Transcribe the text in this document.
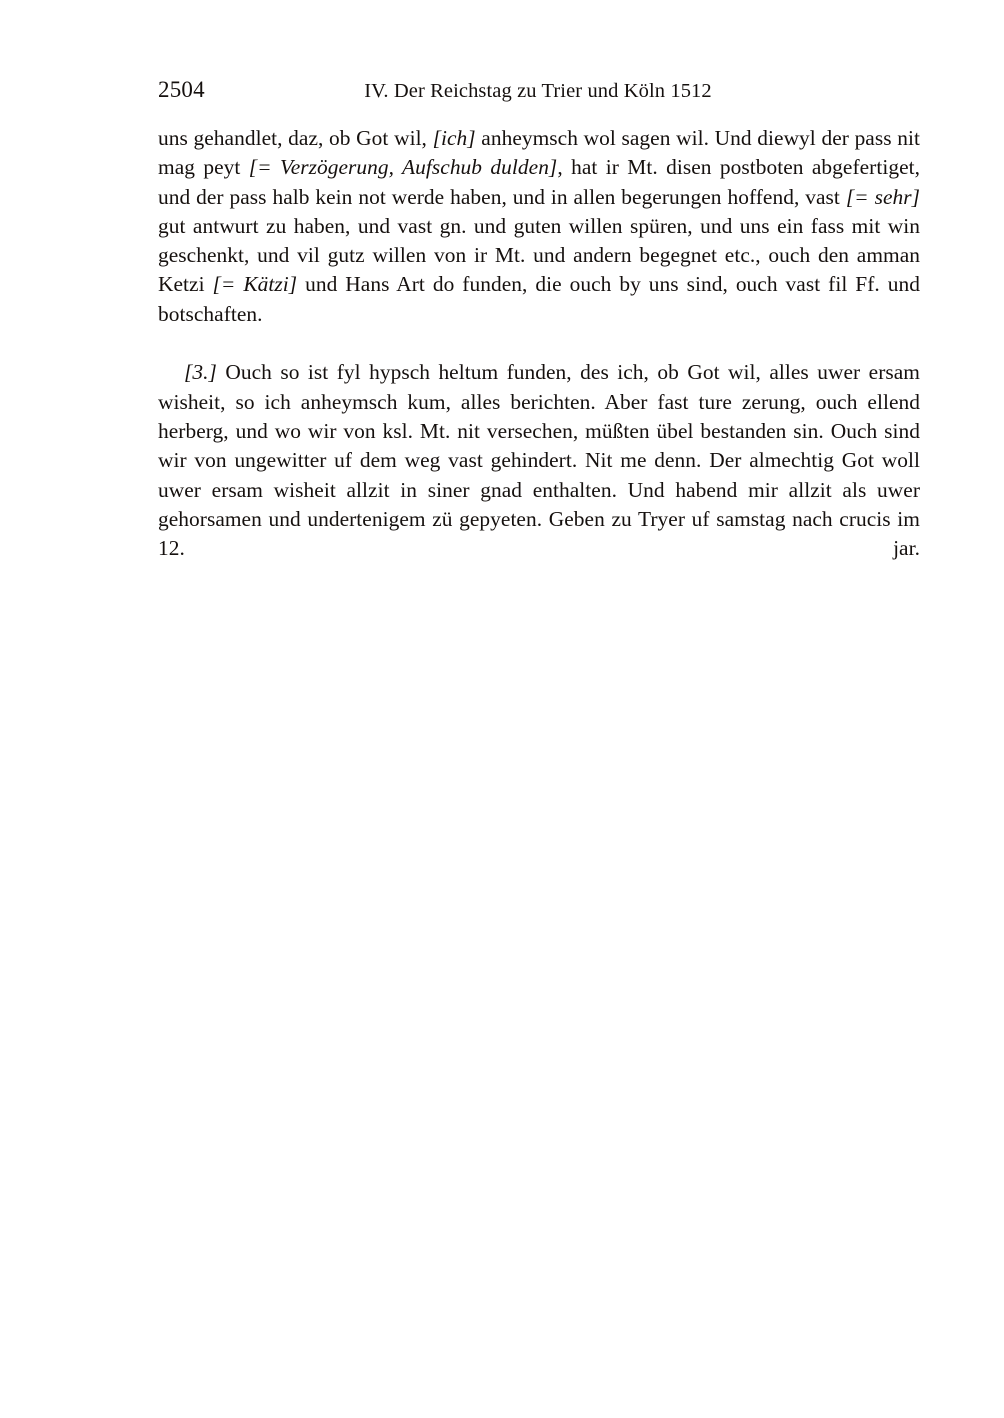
2504	IV. Der Reichstag zu Trier und Köln 1512

uns gehandlet, daz, ob Got wil, [ich] anheymsch wol sagen wil. Und diewyl der pass nit mag peyt [= Verzögerung, Aufschub dulden], hat ir Mt. disen postboten abgefertiget, und der pass halb kein not werde haben, und in allen begerungen hoffend, vast [= sehr] gut antwurt zu haben, und vast gn. und guten willen spüren, und uns ein fass mit win geschenkt, und vil gutz willen von ir Mt. und andern begegnet etc., ouch den amman Ketzi [= Kätzi] und Hans Art do funden, die ouch by uns sind, ouch vast fil Ff. und botschaften.

[3.] Ouch so ist fyl hypsch heltum funden, des ich, ob Got wil, alles uwer ersam wisheit, so ich anheymsch kum, alles berichten. Aber fast ture zerung, ouch ellend herberg, und wo wir von ksl. Mt. nit versechen, müßten übel bestanden sin. Ouch sind wir von ungewitter uf dem weg vast gehindert. Nit me denn. Der almechtig Got woll uwer ersam wisheit allzit in siner gnad enthalten. Und habend mir allzit als uwer gehorsamen und undertenigem zü gepyeten. Geben zu Tryer uf samstag nach crucis im 12. jar.
